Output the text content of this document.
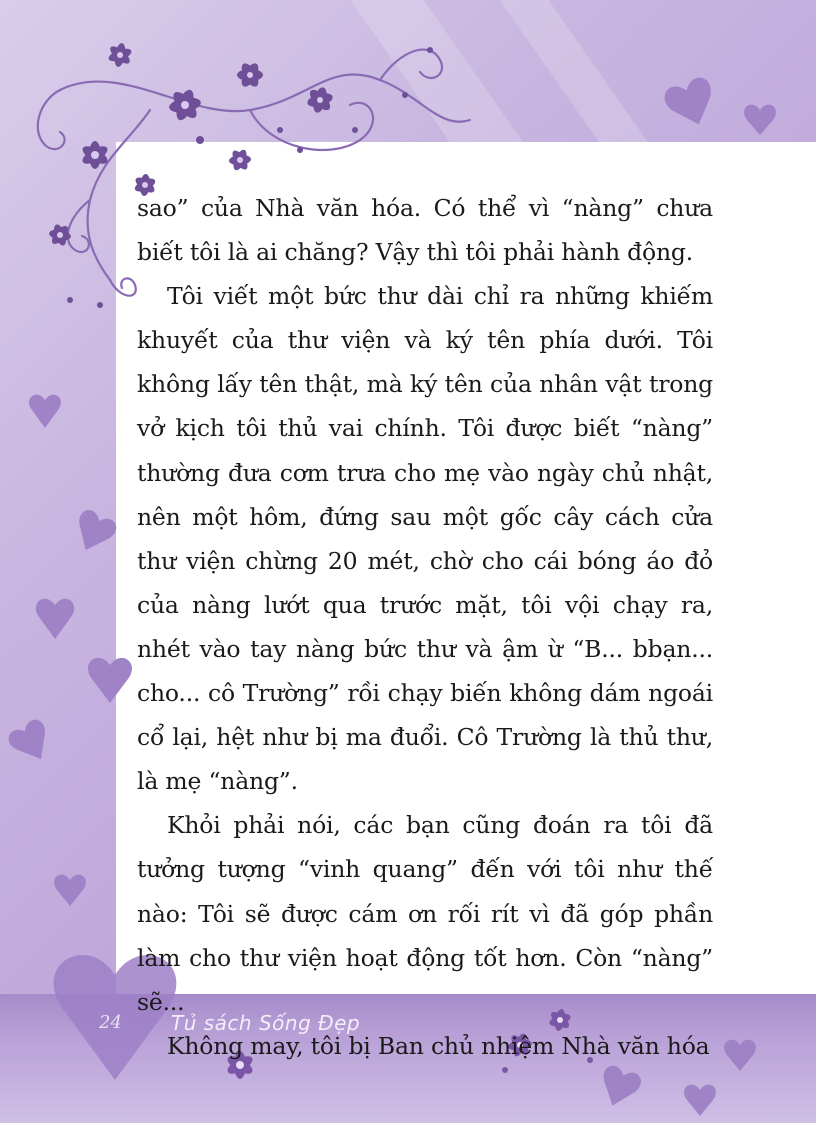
sao” của Nhà văn hóa. Có thể vì “nàng” chưa biết tôi là ai chăng? Vậy thì tôi phải hành động.

Tôi viết một bức thư dài chỉ ra những khiếm khuyết của thư viện và ký tên phía dưới. Tôi không lấy tên thật, mà ký tên của nhân vật trong vở kịch tôi thủ vai chính. Tôi được biết “nàng” thường đưa cơm trưa cho mẹ vào ngày chủ nhật, nên một hôm, đứng sau một gốc cây cách cửa thư viện chừng 20 mét, chờ cho cái bóng áo đỏ của nàng lướt qua trước mặt, tôi vội chạy ra, nhét vào tay nàng bức thư và ậm ừ “B... bbạn... cho... cô Trường” rồi chạy biến không dám ngoái cổ lại, hệt như bị ma đuổi. Cô Trường là thủ thư, là mẹ “nàng”.

Khỏi phải nói, các bạn cũng đoán ra tôi đã tưởng tượng “vinh quang” đến với tôi như thế nào: Tôi sẽ được cám ơn rối rít vì đã góp phần làm cho thư viện hoạt động tốt hơn. Còn “nàng” sẽ...

Không may, tôi bị Ban chủ nhiệm Nhà văn hóa

24 Tủ sách Sống Đẹp
